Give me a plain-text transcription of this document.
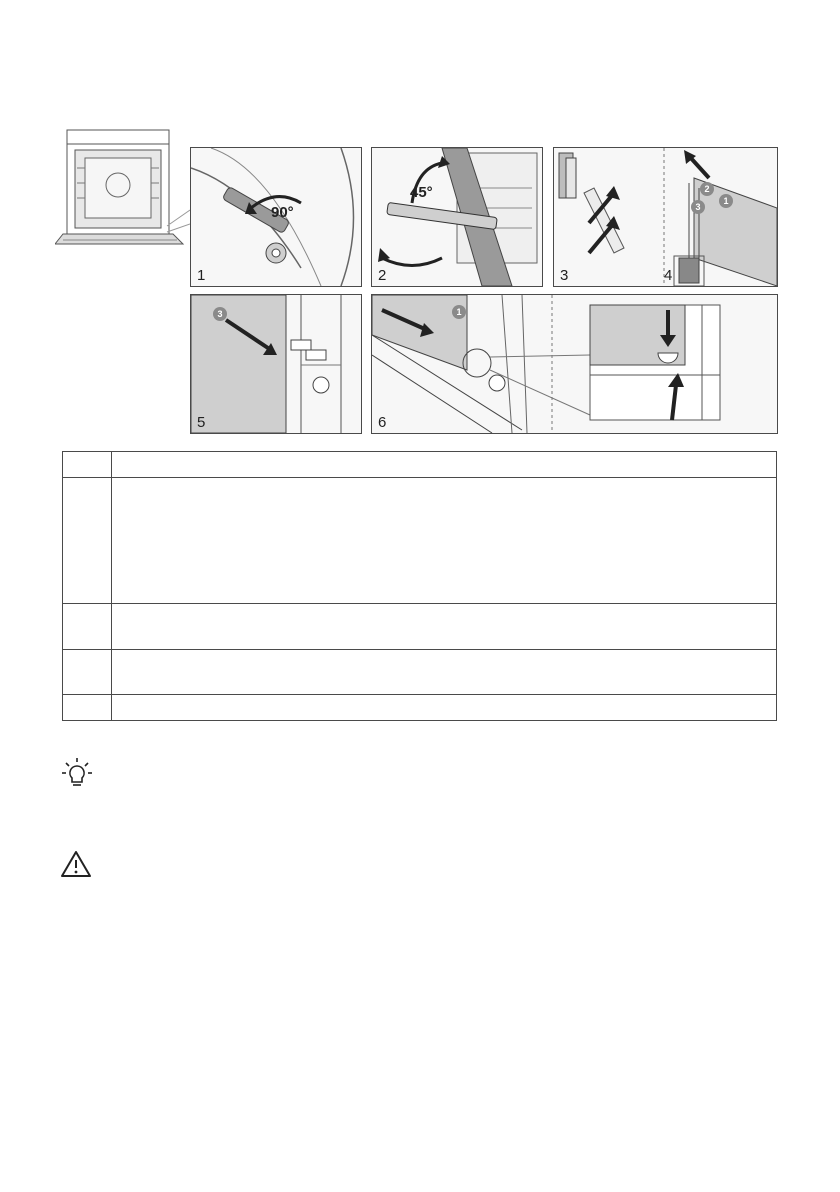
90°
1
45°
2
2
3
1
3	4
3
5
1
6
